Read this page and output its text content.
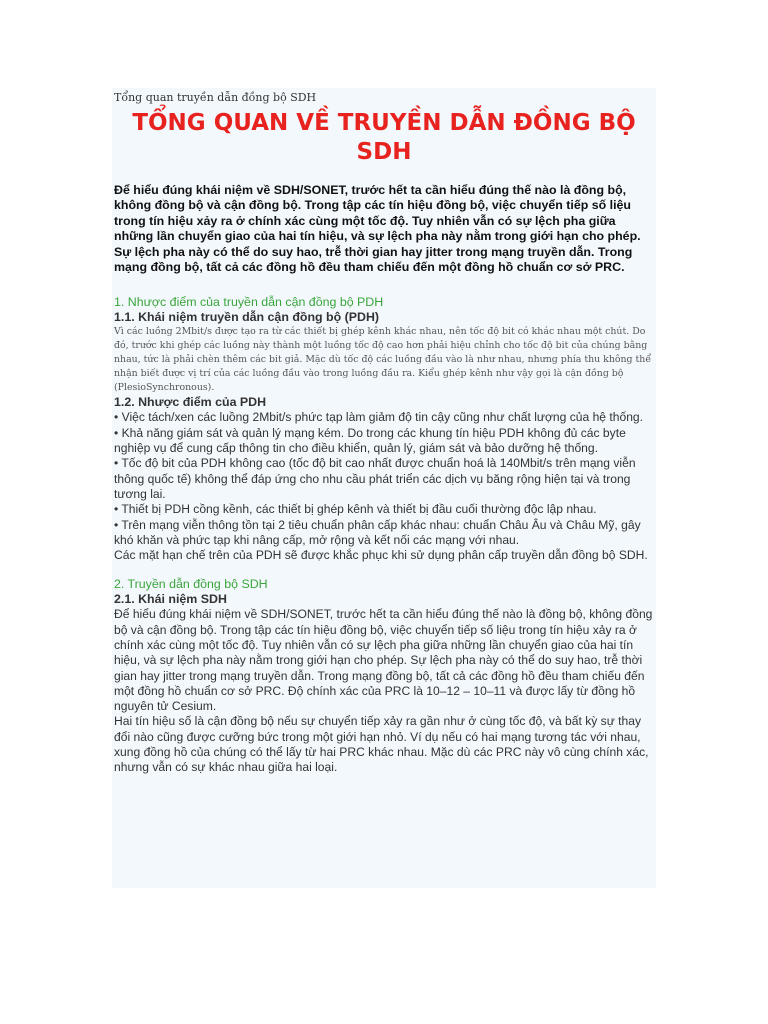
Tổng quan truyền dẫn đồng bộ SDH
TỔNG QUAN VỀ TRUYỀN DẪN ĐỒNG BỘ SDH
Để hiểu đúng khái niệm về SDH/SONET, trước hết ta cần hiểu đúng thế nào là đồng bộ, không đồng bộ và cận đồng bộ. Trong tập các tín hiệu đồng bộ, việc chuyển tiếp số liệu trong tín hiệu xảy ra ở chính xác cùng một tốc độ. Tuy nhiên vẫn có sự lệch pha giữa những lần chuyển giao của hai tín hiệu, và sự lệch pha này nằm trong giới hạn cho phép. Sự lệch pha này có thể do suy hao, trễ thời gian hay jitter trong mạng truyền dẫn. Trong mạng đồng bộ, tất cả các đồng hồ đều tham chiếu đến một đồng hồ chuẩn cơ sở PRC.
1. Nhược điểm của truyền dẫn cận đồng bộ PDH
1.1. Khái niệm truyền dẫn cận đồng bộ (PDH)
Vì các luồng 2Mbit/s được tạo ra từ các thiết bị ghép kênh khác nhau, nên tốc độ bit có khác nhau một chút. Do đó, trước khi ghép các luồng này thành một luồng tốc độ cao hơn phải hiệu chỉnh cho tốc độ bit của chúng bằng nhau, tức là phải chèn thêm các bit giả. Mặc dù tốc độ các luồng đầu vào là như nhau, nhưng phía thu không thể nhận biết được vị trí của các luồng đầu vào trong luồng đầu ra. Kiểu ghép kênh như vậy gọi là cận đồng bộ (PlesioSynchronous).
1.2. Nhược điểm của PDH
• Việc tách/xen các luồng 2Mbit/s phức tạp làm giảm độ tin cậy cũng như chất lượng của hệ thống.
• Khả năng giám sát và quản lý mạng kém. Do trong các khung tín hiệu PDH không đủ các byte nghiệp vụ để cung cấp thông tin cho điều khiển, quản lý, giám sát và bảo dưỡng hệ thống.
• Tốc độ bit của PDH không cao (tốc độ bit cao nhất được chuẩn hoá là 140Mbit/s trên mạng viễn thông quốc tế) không thể đáp ứng cho nhu cầu phát triển các dịch vụ băng rộng hiện tại và trong tương lai.
• Thiết bị PDH cồng kềnh, các thiết bị ghép kênh và thiết bị đầu cuối thường độc lập nhau.
• Trên mạng viễn thông tồn tại 2 tiêu chuẩn phân cấp khác nhau: chuẩn Châu Âu và Châu Mỹ, gây khó khăn và phức tạp khi nâng cấp, mở rộng và kết nối các mạng với nhau.
Các mặt hạn chế trên của PDH sẽ được khắc phục khi sử dụng phân cấp truyền dẫn đồng bộ SDH.
2. Truyền dẫn đồng bộ SDH
2.1. Khái niệm SDH
Để hiểu đúng khái niệm về SDH/SONET, trước hết ta cần hiểu đúng thế nào là đồng bộ, không đồng bộ và cận đồng bộ. Trong tập các tín hiệu đồng bộ, việc chuyển tiếp số liệu trong tín hiệu xảy ra ở chính xác cùng một tốc độ. Tuy nhiên vẫn có sự lệch pha giữa những lần chuyển giao của hai tín hiệu, và sự lệch pha này nằm trong giới hạn cho phép. Sự lệch pha này có thể do suy hao, trễ thời gian hay jitter trong mạng truyền dẫn. Trong mạng đồng bộ, tất cả các đồng hồ đều tham chiếu đến một đồng hồ chuẩn cơ sở PRC. Độ chính xác của PRC là 10–12 – 10–11 và được lấy từ đồng hồ nguyên tử Cesium.
Hai tín hiệu số là cận đồng bộ nếu sự chuyển tiếp xảy ra gần như ở cùng tốc độ, và bất kỳ sự thay đổi nào cũng được cưỡng bức trong một giới hạn nhỏ. Ví dụ nếu có hai mạng tương tác với nhau, xung đồng hồ của chúng có thể lấy từ hai PRC khác nhau. Mặc dù các PRC này vô cùng chính xác, nhưng vẫn có sự khác nhau giữa hai loại.
